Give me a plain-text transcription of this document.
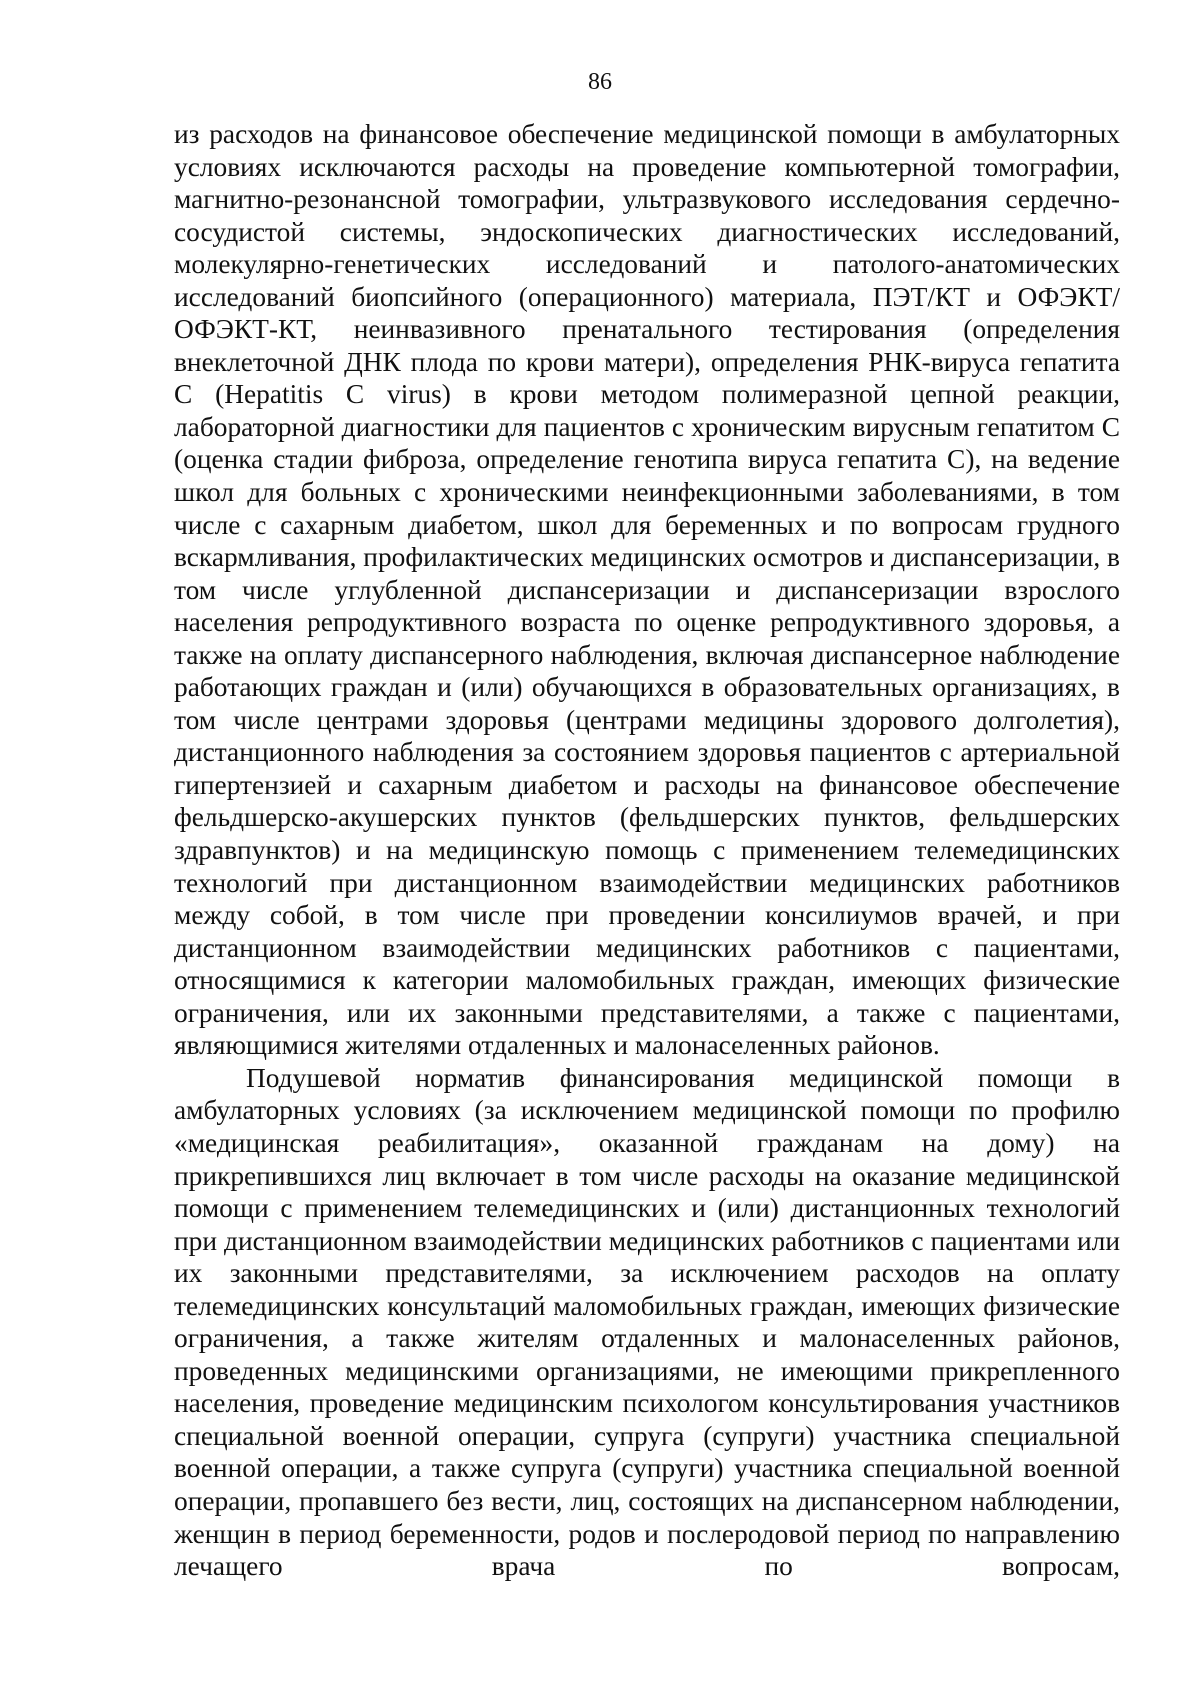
86

из расходов на финансовое обеспечение медицинской помощи в амбулаторных условиях исключаются расходы на проведение компьютерной томографии, магнитно-резонансной томографии, ультразвукового исследования сердечно-сосудистой системы, эндоскопических диагностических исследований, молекулярно-генетических исследований и патолого-анатомических исследований биопсийного (операционного) материала, ПЭТ/КТ и ОФЭКТ/ ОФЭКТ-КТ, неинвазивного пренатального тестирования (определения внеклеточной ДНК плода по крови матери), определения РНК-вируса гепатита С (Hepatitis C virus) в крови методом полимеразной цепной реакции, лабораторной диагностики для пациентов с хроническим вирусным гепатитом С (оценка стадии фиброза, определение генотипа вируса гепатита С), на ведение школ для больных с хроническими неинфекционными заболеваниями, в том числе с сахарным диабетом, школ для беременных и по вопросам грудного вскармливания, профилактических медицинских осмотров и диспансеризации, в том числе углубленной диспансеризации и диспансеризации взрослого населения репродуктивного возраста по оценке репродуктивного здоровья, а также на оплату диспансерного наблюдения, включая диспансерное наблюдение работающих граждан и (или) обучающихся в образовательных организациях, в том числе центрами здоровья (центрами медицины здорового долголетия), дистанционного наблюдения за состоянием здоровья пациентов с артериальной гипертензией и сахарным диабетом и расходы на финансовое обеспечение фельдшерско-акушерских пунктов (фельдшерских пунктов, фельдшерских здравпунктов) и на медицинскую помощь с применением телемедицинских технологий при дистанционном взаимодействии медицинских работников между собой, в том числе при проведении консилиумов врачей, и при дистанционном взаимодействии медицинских работников с пациентами, относящимися к категории маломобильных граждан, имеющих физические ограничения, или их законными представителями, а также с пациентами, являющимися жителями отдаленных и малонаселенных районов.

Подушевой норматив финансирования медицинской помощи в амбулаторных условиях (за исключением медицинской помощи по профилю «медицинская реабилитация», оказанной гражданам на дому) на прикрепившихся лиц включает в том числе расходы на оказание медицинской помощи с применением телемедицинских и (или) дистанционных технологий при дистанционном взаимодействии медицинских работников с пациентами или их законными представителями, за исключением расходов на оплату телемедицинских консультаций маломобильных граждан, имеющих физические ограничения, а также жителям отдаленных и малонаселенных районов, проведенных медицинскими организациями, не имеющими прикрепленного населения, проведение медицинским психологом консультирования участников специальной военной операции, супруга (супруги) участника специальной военной операции, а также супруга (супруги) участника специальной военной операции, пропавшего без вести, лиц, состоящих на диспансерном наблюдении, женщин в период беременности, родов и послеродовой период по направлению лечащего врача по вопросам,
